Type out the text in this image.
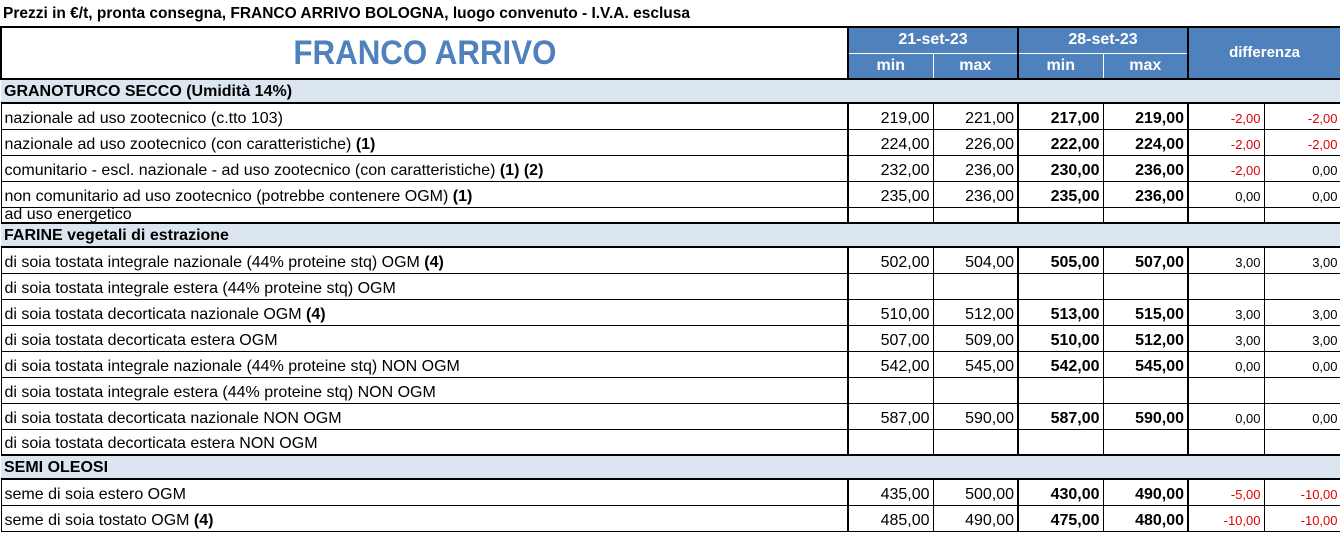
Prezzi in €/t, pronta consegna, FRANCO ARRIVO BOLOGNA, luogo convenuto - I.V.A. esclusa
FRANCO ARRIVO	21-set-23		28-set-23		differenza	
	min	max	min	max		
GRANOTURCO SECCO (Umidità 14%)						
nazionale ad uso zootecnico (c.tto 103)	219,00	221,00	217,00	219,00	-2,00	-2,00
nazionale ad uso zootecnico (con caratteristiche) (1)	224,00	226,00	222,00	224,00	-2,00	-2,00
comunitario - escl. nazionale - ad uso zootecnico (con caratteristiche) (1) (2)	232,00	236,00	230,00	236,00	-2,00	0,00
non comunitario ad uso zootecnico (potrebbe contenere OGM) (1)	235,00	236,00	235,00	236,00	0,00	0,00
ad uso energetico						
FARINE vegetali di estrazione						
di soia tostata integrale nazionale (44% proteine stq) OGM (4)	502,00	504,00	505,00	507,00	3,00	3,00
di soia tostata integrale estera (44% proteine stq) OGM						
di soia tostata decorticata nazionale OGM (4)	510,00	512,00	513,00	515,00	3,00	3,00
di soia tostata decorticata estera OGM	507,00	509,00	510,00	512,00	3,00	3,00
di soia tostata integrale nazionale (44% proteine stq) NON OGM	542,00	545,00	542,00	545,00	0,00	0,00
di soia tostata integrale estera (44% proteine stq) NON OGM						
di soia tostata decorticata nazionale NON OGM	587,00	590,00	587,00	590,00	0,00	0,00
di soia tostata decorticata estera NON OGM						
SEMI OLEOSI						
seme di soia estero OGM	435,00	500,00	430,00	490,00	-5,00	-10,00
seme di soia tostato OGM (4)	485,00	490,00	475,00	480,00	-10,00	-10,00
